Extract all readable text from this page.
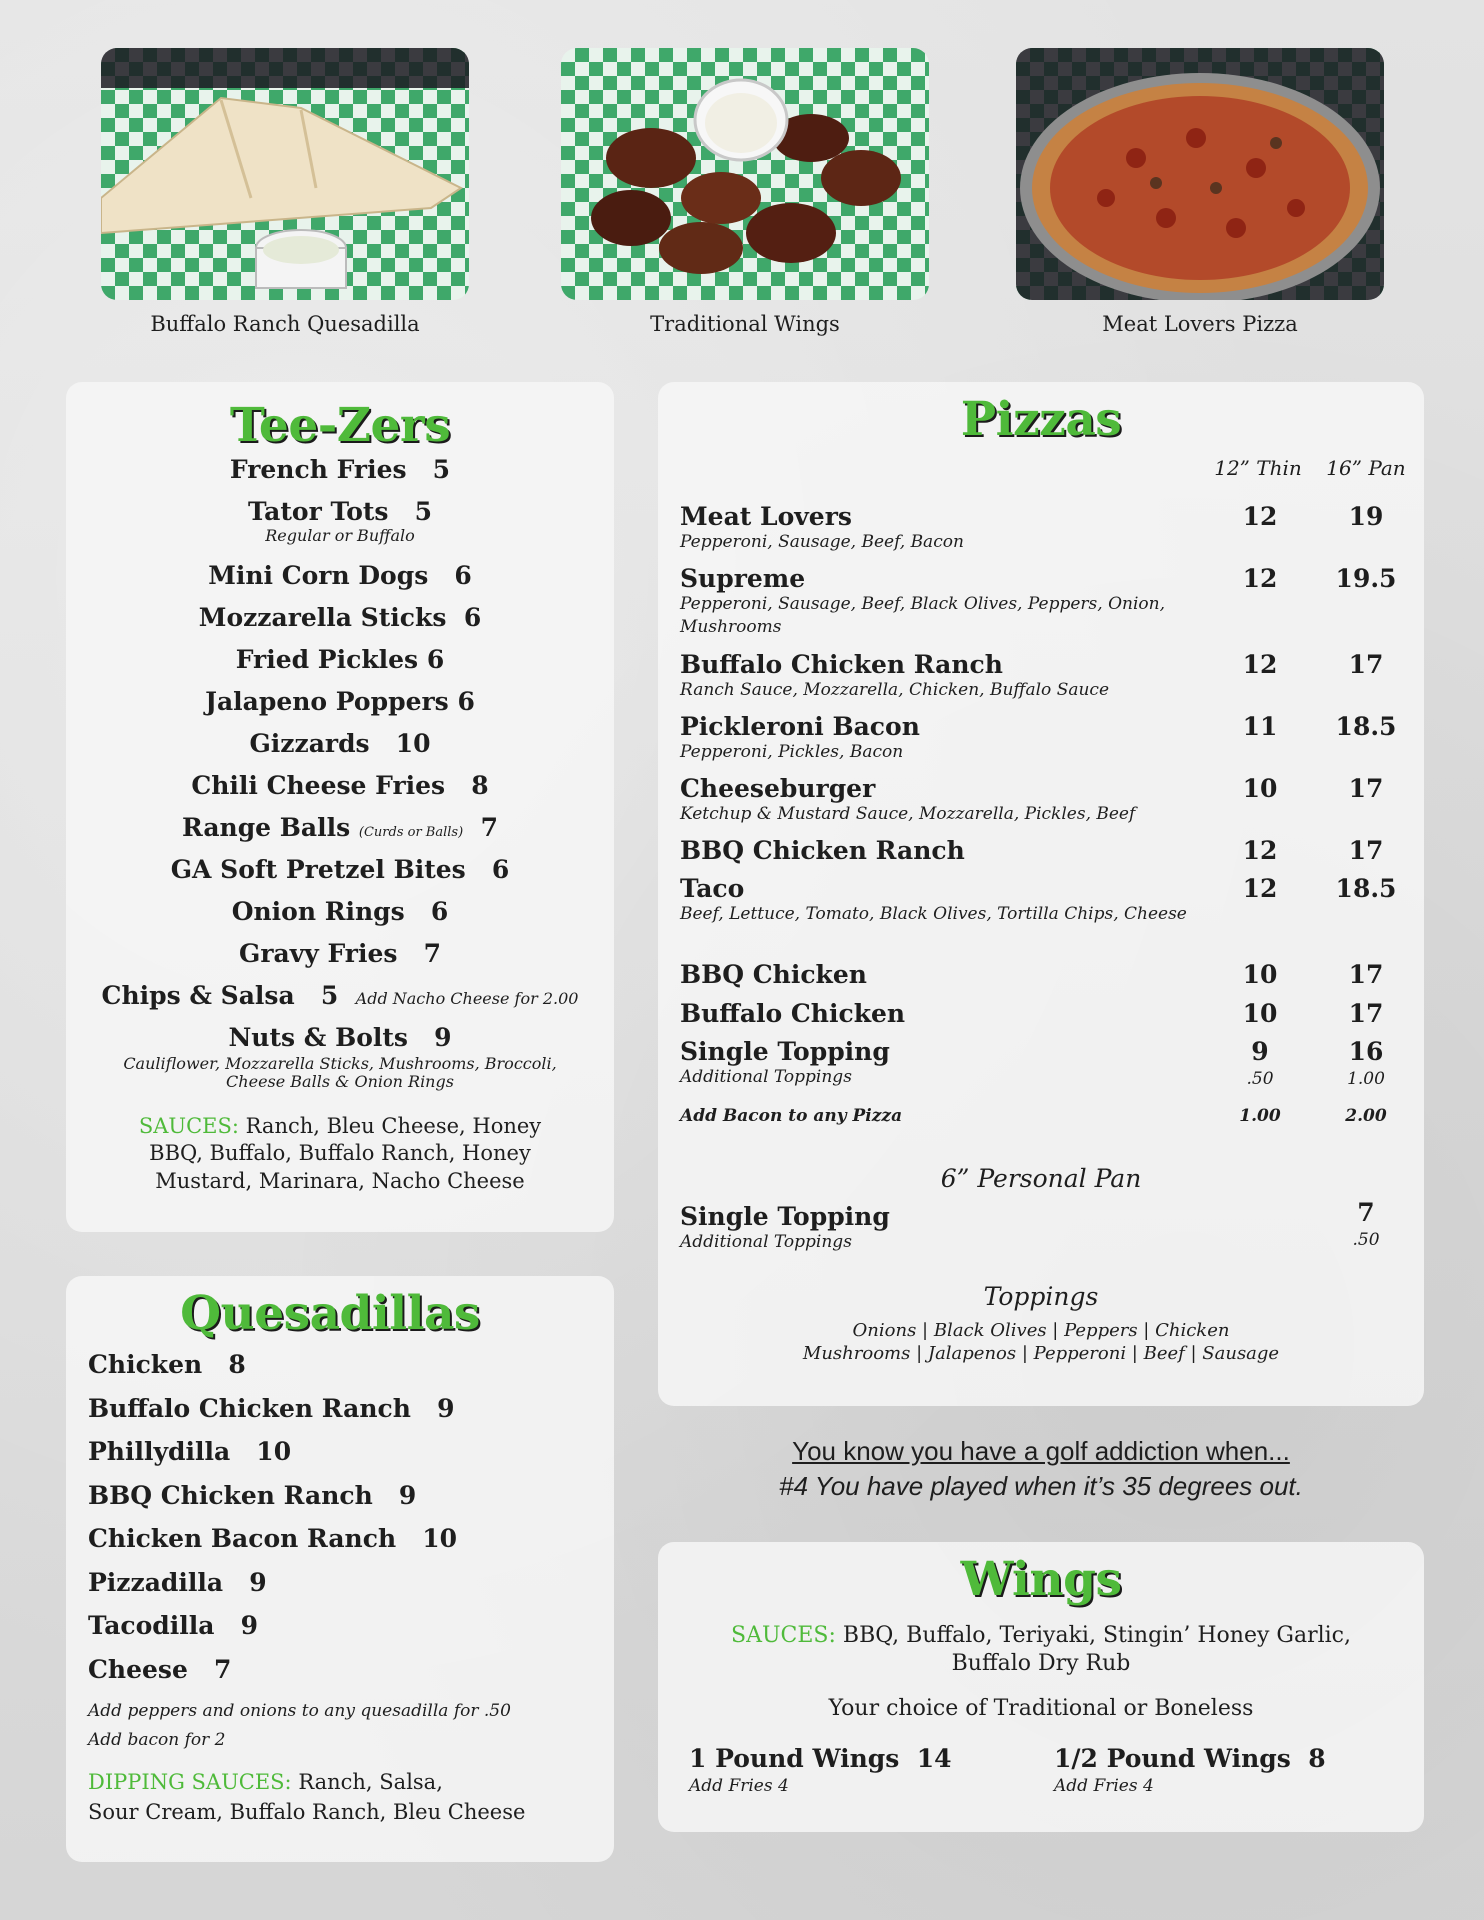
Buffalo Ranch Quesadilla	Traditional Wings	Meat Lovers Pizza
Tee-Zers
French Fries 5
Tator Tots 5
Regular or Buffalo
Mini Corn Dogs 6
Mozzarella Sticks 6
Fried Pickles 6
Jalapeno Poppers 6
Gizzards 10
Chili Cheese Fries 8
Range Balls (Curds or Balls) 7
GA Soft Pretzel Bites 6
Onion Rings 6
Gravy Fries 7
Chips & Salsa 5 Add Nacho Cheese for 2.00
Nuts & Bolts 9
Cauliflower, Mozzarella Sticks, Mushrooms, Broccoli, Cheese Balls & Onion Rings
SAUCES: Ranch, Bleu Cheese, Honey BBQ, Buffalo, Buffalo Ranch, Honey Mustard, Marinara, Nacho Cheese
Quesadillas
Chicken 8
Buffalo Chicken Ranch 9
Phillydilla 10
BBQ Chicken Ranch 9
Chicken Bacon Ranch 10
Pizzadilla 9
Tacodilla 9
Cheese 7
Add peppers and onions to any quesadilla for .50
Add bacon for 2
DIPPING SAUCES: Ranch, Salsa,
Sour Cream, Buffalo Ranch, Bleu Cheese
Pizzas
12” Thin	16” Pan
Meat Lovers
Pepperoni, Sausage, Beef, Bacon
12	19
Supreme
Pepperoni, Sausage, Beef, Black Olives, Peppers, Onion, Mushrooms
12	19.5
Buffalo Chicken Ranch
Ranch Sauce, Mozzarella, Chicken, Buffalo Sauce
12	17
Pickleroni Bacon
Pepperoni, Pickles, Bacon
11	18.5
Cheeseburger
Ketchup & Mustard Sauce, Mozzarella, Pickles, Beef
10	17
BBQ Chicken Ranch	12	17
Taco
Beef, Lettuce, Tomato, Black Olives, Tortilla Chips, Cheese
12	18.5
BBQ Chicken	10	17
Buffalo Chicken	10	17
Single Topping
Additional Toppings
9	16
.50	1.00
Add Bacon to any Pizza	1.00	2.00
6” Personal Pan
Single Topping
Additional Toppings
7
.50
Toppings
Onions | Black Olives | Peppers | Chicken
Mushrooms | Jalapenos | Pepperoni | Beef | Sausage
You know you have a golf addiction when...
#4 You have played when it’s 35 degrees out.
Wings
SAUCES: BBQ, Buffalo, Teriyaki, Stingin’ Honey Garlic,
Buffalo Dry Rub
Your choice of Traditional or Boneless
1 Pound Wings 14
Add Fries 4
1/2 Pound Wings 8
Add Fries 4
